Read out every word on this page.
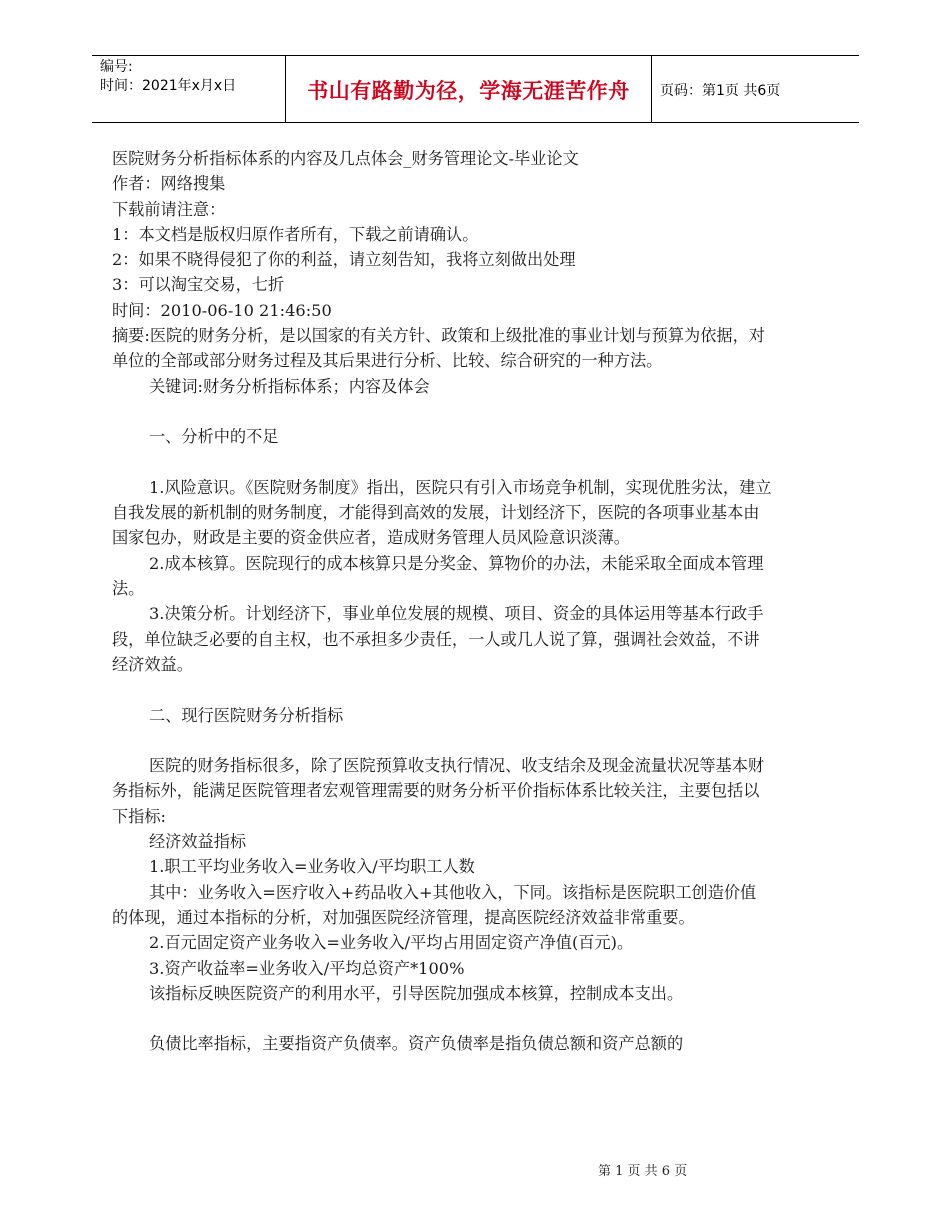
编号:
时间：2021年x月x日	书山有路勤为径，学海无涯苦作舟	页码：第1页 共6页

医院财务分析指标体系的内容及几点体会_财务管理论文-毕业论文

作者：网络搜集

下载前请注意：

1：本文档是版权归原作者所有，下载之前请确认。

2：如果不晓得侵犯了你的利益，请立刻告知，我将立刻做出处理

3：可以淘宝交易，七折

时间：2010-06-10 21:46:50

摘要:医院的财务分析，是以国家的有关方针、政策和上级批准的事业计划与预算为依据，对单位的全部或部分财务过程及其后果进行分析、比较、综合研究的一种方法。

关键词:财务分析指标体系；内容及体会

一、分析中的不足

1.风险意识。《医院财务制度》指出，医院只有引入市场竞争机制，实现优胜劣汰，建立自我发展的新机制的财务制度，才能得到高效的发展，计划经济下，医院的各项事业基本由国家包办，财政是主要的资金供应者，造成财务管理人员风险意识淡薄。

2.成本核算。医院现行的成本核算只是分奖金、算物价的办法，未能采取全面成本管理法。

3.决策分析。计划经济下，事业单位发展的规模、项目、资金的具体运用等基本行政手段，单位缺乏必要的自主权，也不承担多少责任，一人或几人说了算，强调社会效益，不讲经济效益。

二、现行医院财务分析指标

医院的财务指标很多，除了医院预算收支执行情况、收支结余及现金流量状况等基本财务指标外，能满足医院管理者宏观管理需要的财务分析平价指标体系比较关注，主要包括以下指标:

经济效益指标

1.职工平均业务收入=业务收入/平均职工人数

其中：业务收入=医疗收入+药品收入+其他收入，下同。该指标是医院职工创造价值的体现，通过本指标的分析，对加强医院经济管理，提高医院经济效益非常重要。

2.百元固定资产业务收入=业务收入/平均占用固定资产净值(百元)。

3.资产收益率=业务收入/平均总资产*100%

该指标反映医院资产的利用水平，引导医院加强成本核算，控制成本支出。

负债比率指标，主要指资产负债率。资产负债率是指负债总额和资产总额的

第 1 页 共 6 页
